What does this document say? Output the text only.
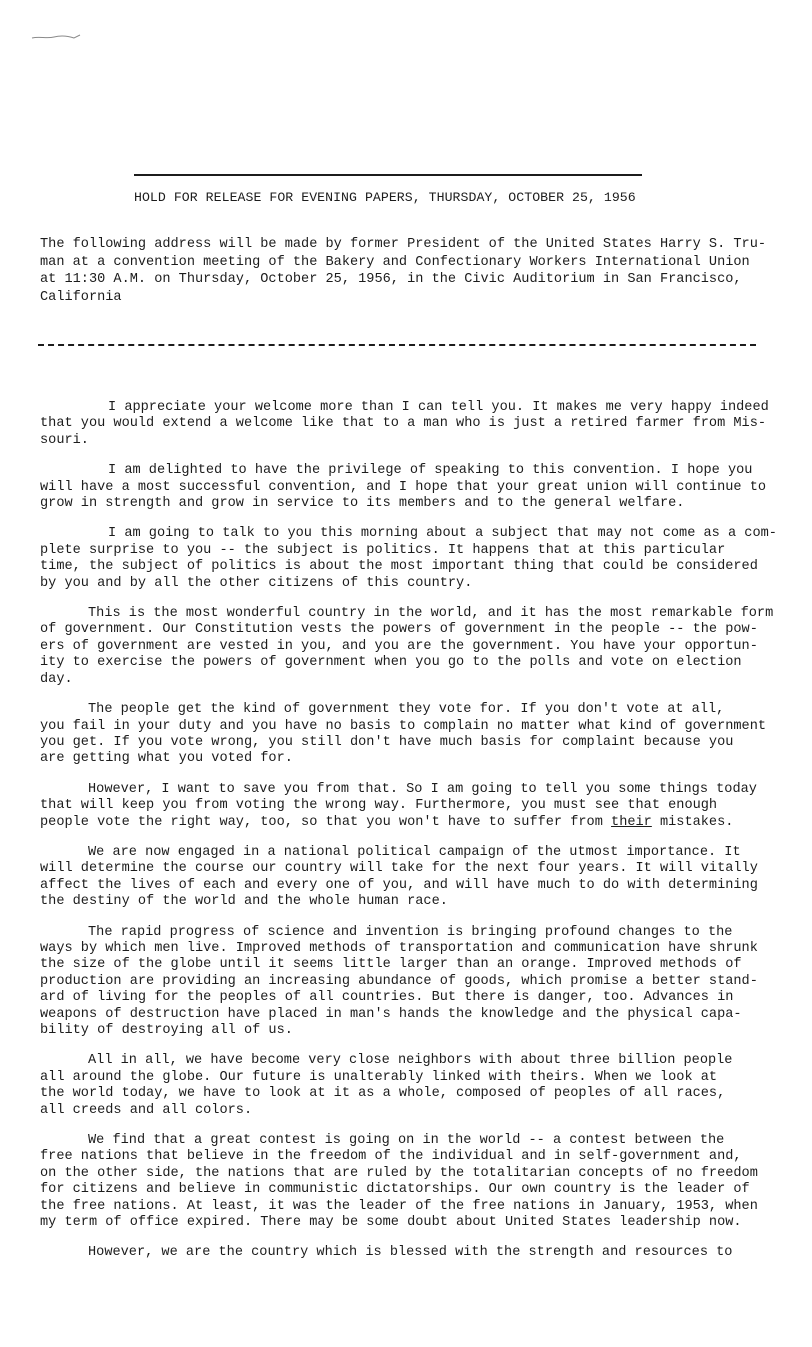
HOLD FOR RELEASE FOR EVENING PAPERS, THURSDAY, OCTOBER 25, 1956
The following address will be made by former President of the United States Harry S. Tru-
man at a convention meeting of the Bakery and Confectionary Workers International Union
at 11:30 A.M. on Thursday, October 25, 1956, in the Civic Auditorium in San Francisco,
California
I appreciate your welcome more than I can tell you. It makes me very happy indeed
that you would extend a welcome like that to a man who is just a retired farmer from Mis-
souri.
I am delighted to have the privilege of speaking to this convention. I hope you
will have a most successful convention, and I hope that your great union will continue to
grow in strength and grow in service to its members and to the general welfare.
I am going to talk to you this morning about a subject that may not come as a com-
plete surprise to you -- the subject is politics. It happens that at this particular
time, the subject of politics is about the most important thing that could be considered
by you and by all the other citizens of this country.
This is the most wonderful country in the world, and it has the most remarkable form
of government. Our Constitution vests the powers of government in the people -- the pow-
ers of government are vested in you, and you are the government. You have your opportun-
ity to exercise the powers of government when you go to the polls and vote on election
day.
The people get the kind of government they vote for. If you don't vote at all,
you fail in your duty and you have no basis to complain no matter what kind of government
you get. If you vote wrong, you still don't have much basis for complaint because you
are getting what you voted for.
However, I want to save you from that. So I am going to tell you some things today
that will keep you from voting the wrong way. Furthermore, you must see that enough
people vote the right way, too, so that you won't have to suffer from their mistakes.
We are now engaged in a national political campaign of the utmost importance. It
will determine the course our country will take for the next four years. It will vitally
affect the lives of each and every one of you, and will have much to do with determining
the destiny of the world and the whole human race.
The rapid progress of science and invention is bringing profound changes to the
ways by which men live. Improved methods of transportation and communication have shrunk
the size of the globe until it seems little larger than an orange. Improved methods of
production are providing an increasing abundance of goods, which promise a better stand-
ard of living for the peoples of all countries. But there is danger, too. Advances in
weapons of destruction have placed in man's hands the knowledge and the physical capa-
bility of destroying all of us.
All in all, we have become very close neighbors with about three billion people
all around the globe. Our future is unalterably linked with theirs. When we look at
the world today, we have to look at it as a whole, composed of peoples of all races,
all creeds and all colors.
We find that a great contest is going on in the world -- a contest between the
free nations that believe in the freedom of the individual and in self-government and,
on the other side, the nations that are ruled by the totalitarian concepts of no freedom
for citizens and believe in communistic dictatorships. Our own country is the leader of
the free nations. At least, it was the leader of the free nations in January, 1953, when
my term of office expired. There may be some doubt about United States leadership now.
However, we are the country which is blessed with the strength and resources to
